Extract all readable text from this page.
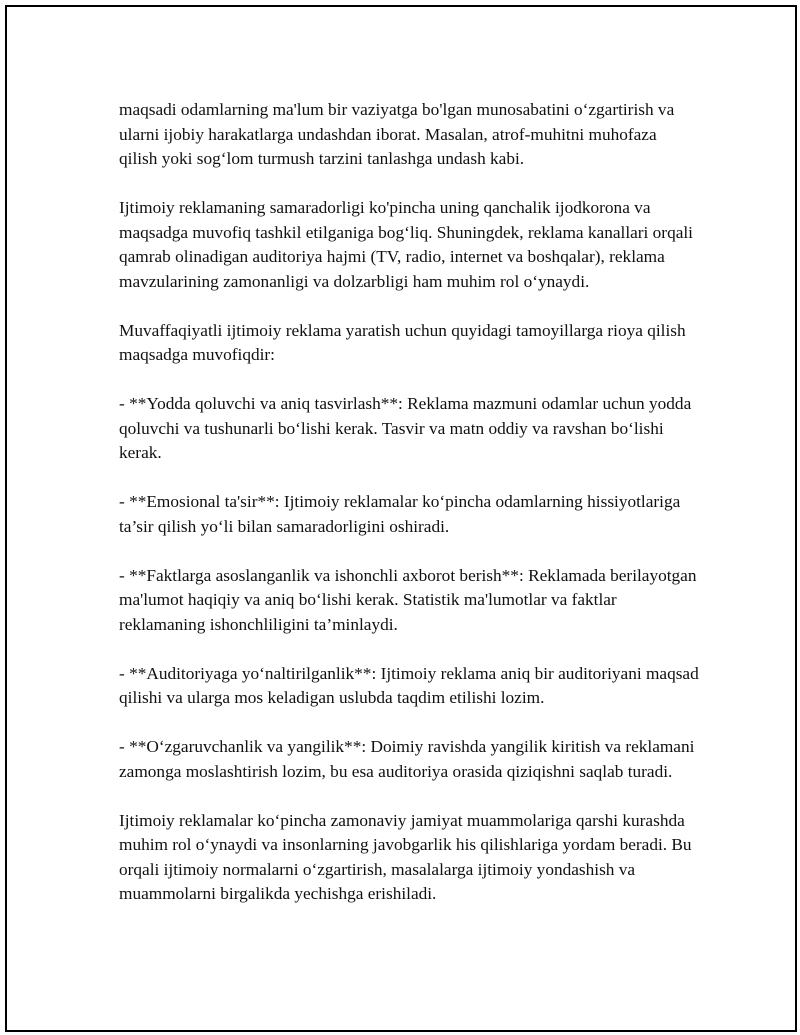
maqsadi odamlarning ma'lum bir vaziyatga bo'lgan munosabatini o‘zgartirish va ularni ijobiy harakatlarga undashdan iborat. Masalan, atrof-muhitni muhofaza qilish yoki sog‘lom turmush tarzini tanlashga undash kabi.

Ijtimoiy reklamaning samaradorligi ko'pincha uning qanchalik ijodkorona va maqsadga muvofiq tashkil etilganiga bog‘liq. Shuningdek, reklama kanallari orqali qamrab olinadigan auditoriya hajmi (TV, radio, internet va boshqalar), reklama mavzularining zamonanligi va dolzarbligi ham muhim rol o‘ynaydi.

Muvaffaqiyatli ijtimoiy reklama yaratish uchun quyidagi tamoyillarga rioya qilish maqsadga muvofiqdir:

- **Yodda qoluvchi va aniq tasvirlash**: Reklama mazmuni odamlar uchun yodda qoluvchi va tushunarli bo‘lishi kerak. Tasvir va matn oddiy va ravshan bo‘lishi kerak.

- **Emosional ta'sir**: Ijtimoiy reklamalar ko‘pincha odamlarning hissiyotlariga ta’sir qilish yo‘li bilan samaradorligini oshiradi.

- **Faktlarga asoslanganlik va ishonchli axborot berish**: Reklamada berilayotgan ma'lumot haqiqiy va aniq bo‘lishi kerak. Statistik ma'lumotlar va faktlar reklamaning ishonchliligini ta’minlaydi.

- **Auditoriyaga yo‘naltirilganlik**: Ijtimoiy reklama aniq bir auditoriyani maqsad qilishi va ularga mos keladigan uslubda taqdim etilishi lozim.

- **O‘zgaruvchanlik va yangilik**: Doimiy ravishda yangilik kiritish va reklamani zamonga moslashtirish lozim, bu esa auditoriya orasida qiziqishni saqlab turadi.

Ijtimoiy reklamalar ko‘pincha zamonaviy jamiyat muammolariga qarshi kurashda muhim rol o‘ynaydi va insonlarning javobgarlik his qilishlariga yordam beradi. Bu orqali ijtimoiy normalarni o‘zgartirish, masalalarga ijtimoiy yondashish va muammolarni birgalikda yechishga erishiladi.
